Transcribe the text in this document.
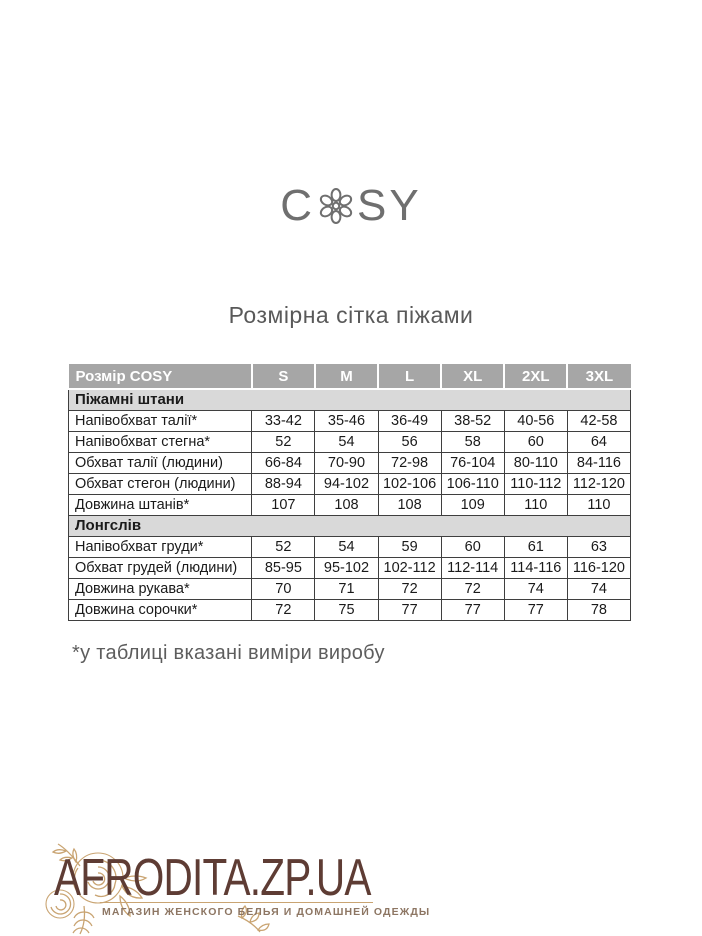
C SY
Розмірна сітка піжами
Розмір COSY	S	M	L	XL	2XL	3XL
Піжамні штани						
Напівобхват талії*	33-42	35-46	36-49	38-52	40-56	42-58
Напівобхват стегна*	52	54	56	58	60	64
Обхват талії (людини)	66-84	70-90	72-98	76-104	80-110	84-116
Обхват стегон (людини)	88-94	94-102	102-106	106-110	110-112	112-120
Довжина штанів*	107	108	108	109	110	110
Лонгслів						
Напівобхват груди*	52	54	59	60	61	63
Обхват грудей (людини)	85-95	95-102	102-112	112-114	114-116	116-120
Довжина рукава*	70	71	72	72	74	74
Довжина сорочки*	72	75	77	77	77	78
*у таблиці вказані виміри виробу
AFRODITA.ZP.UA
МАГАЗИН ЖЕНСКОГО БЕЛЬЯ И ДОМАШНЕЙ ОДЕЖДЫ
